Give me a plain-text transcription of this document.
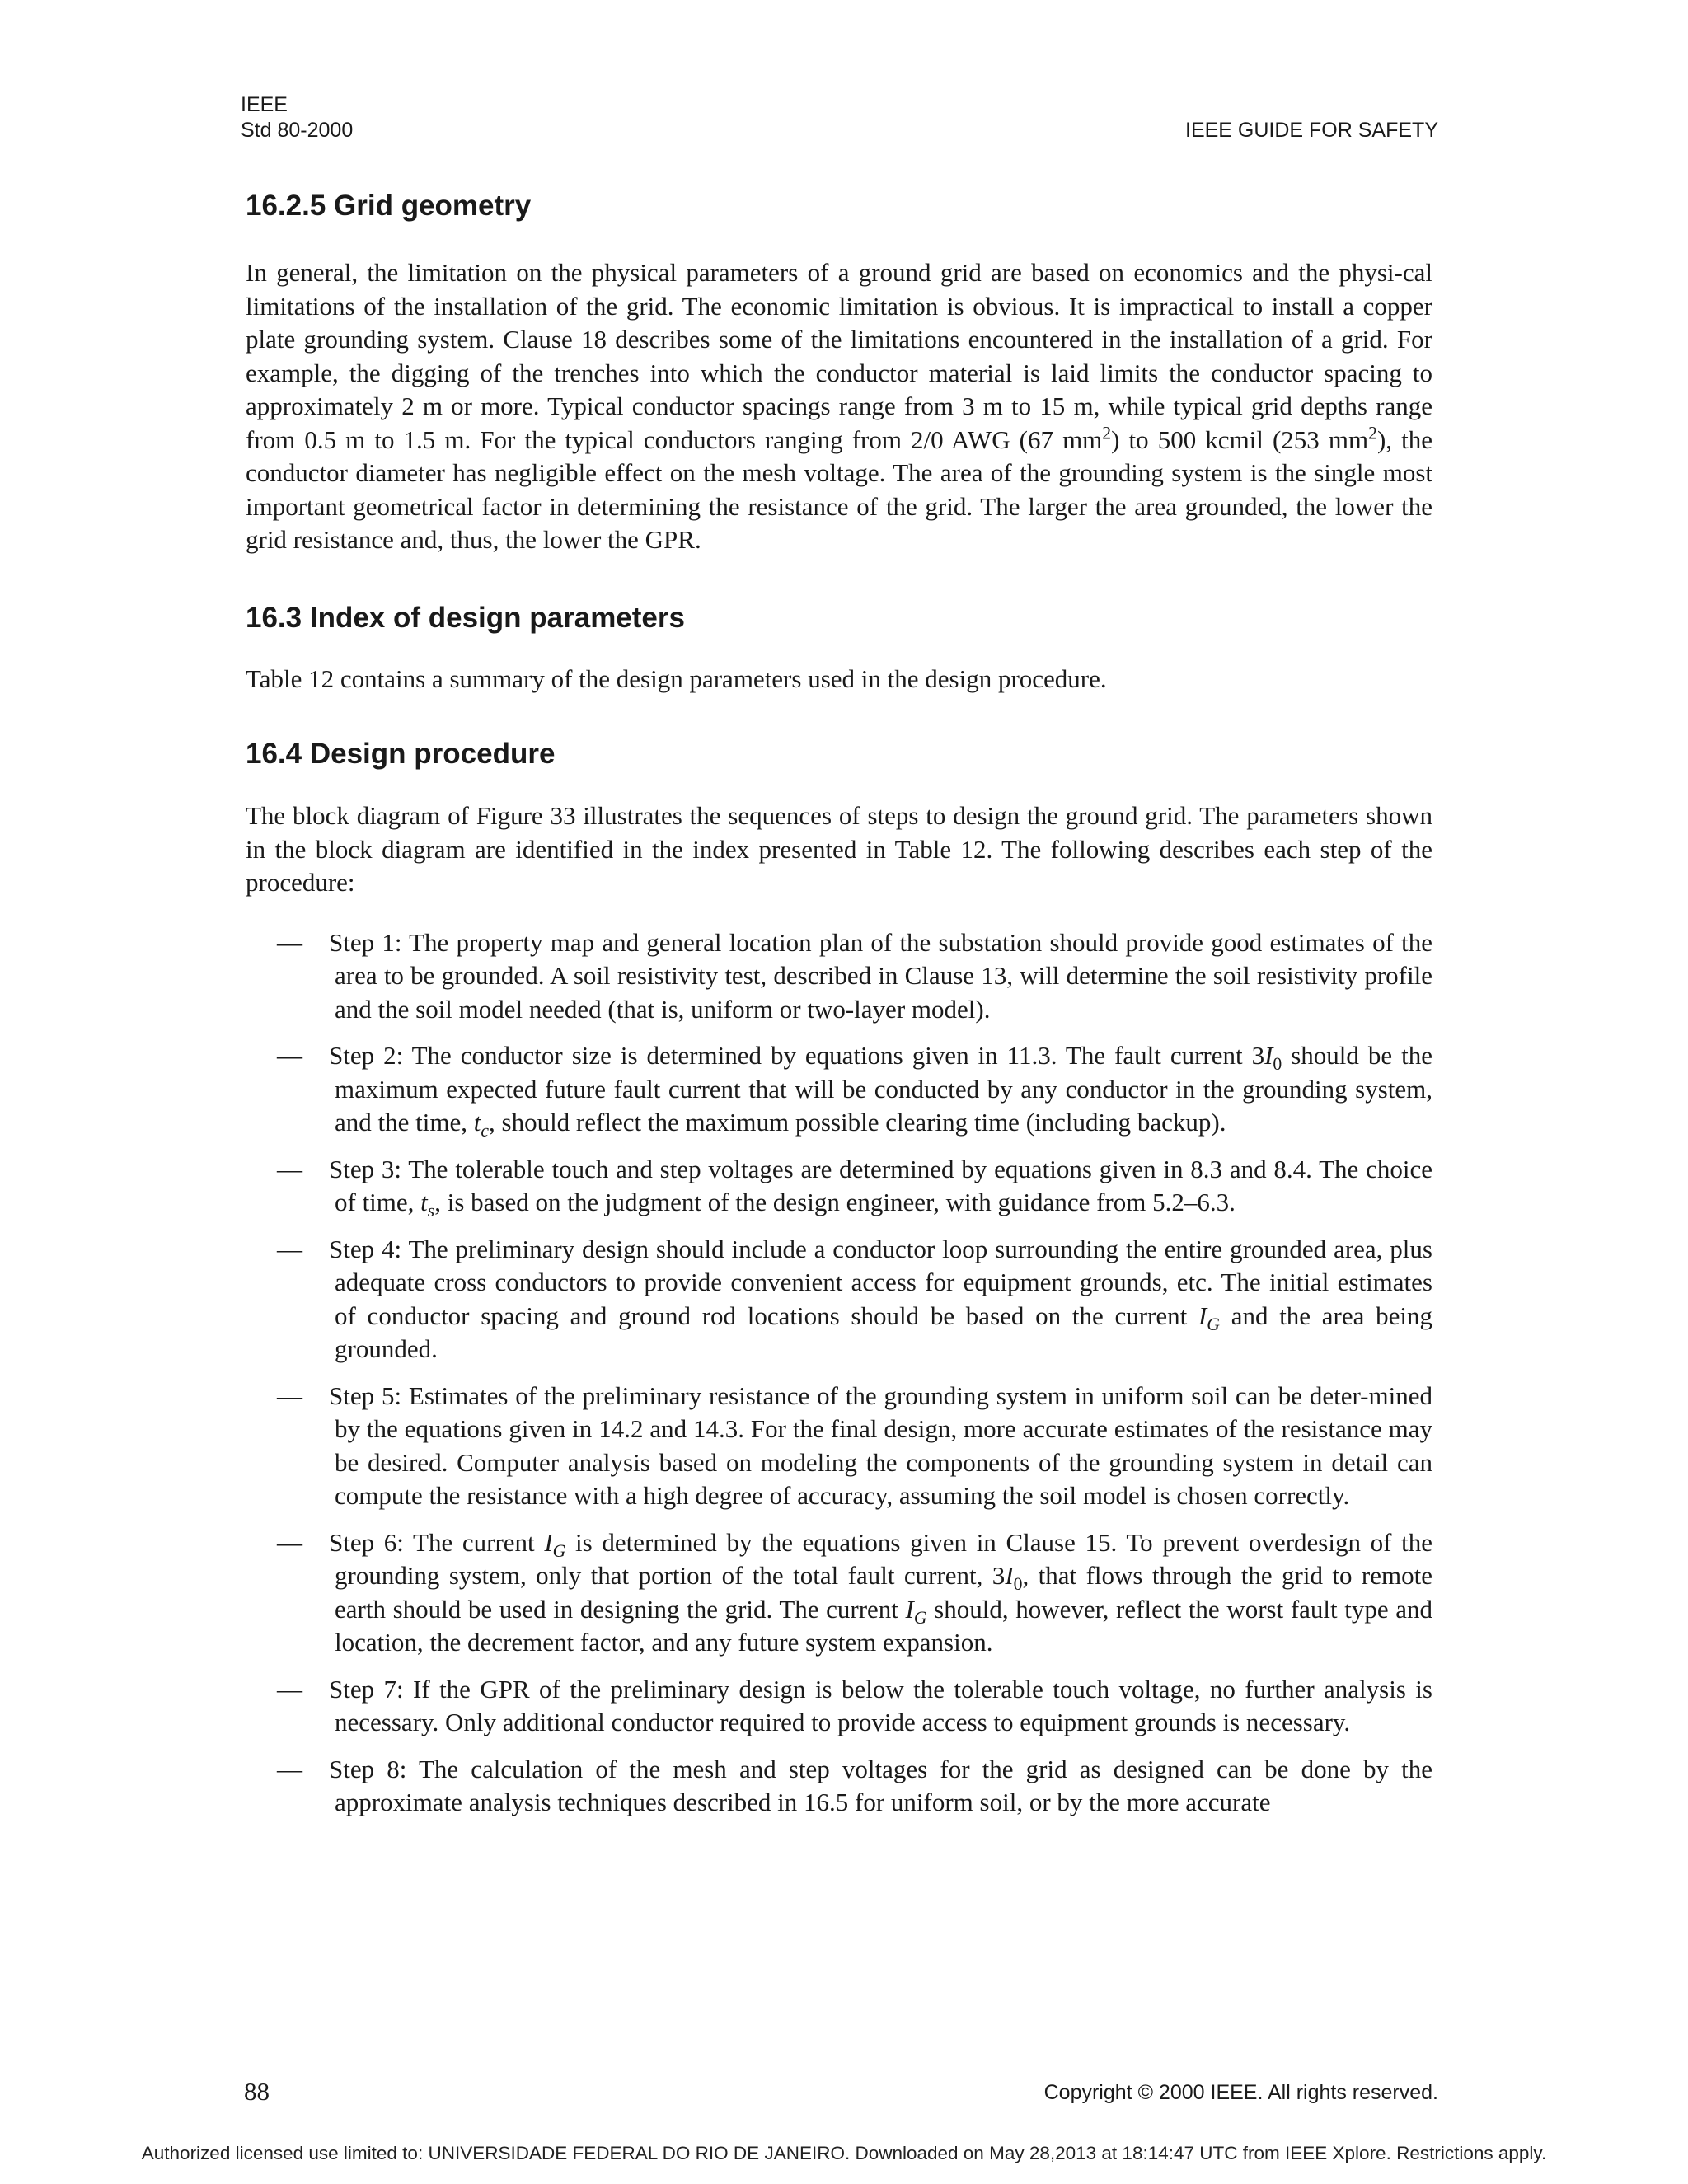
IEEE
Std 80-2000	IEEE GUIDE FOR SAFETY
16.2.5 Grid geometry

In general, the limitation on the physical parameters of a ground grid are based on economics and the physi-cal limitations of the installation of the grid. The economic limitation is obvious. It is impractical to install a copper plate grounding system. Clause 18 describes some of the limitations encountered in the installation of a grid. For example, the digging of the trenches into which the conductor material is laid limits the conductor spacing to approximately 2 m or more. Typical conductor spacings range from 3 m to 15 m, while typical grid depths range from 0.5 m to 1.5 m. For the typical conductors ranging from 2/0 AWG (67 $mm^2$) to 500 kcmil (253 $mm^2$), the conductor diameter has negligible effect on the mesh voltage. The area of the grounding system is the single most important geometrical factor in determining the resistance of the grid. The larger the area grounded, the lower the grid resistance and, thus, the lower the GPR.

16.3 Index of design parameters

Table 12 contains a summary of the design parameters used in the design procedure.

16.4 Design procedure

The block diagram of Figure 33 illustrates the sequences of steps to design the ground grid. The parameters shown in the block diagram are identified in the index presented in Table 12. The following describes each step of the procedure:

— Step 1: The property map and general location plan of the substation should provide good estimates of the area to be grounded. A soil resistivity test, described in Clause 13, will determine the soil resistivity profile and the soil model needed (that is, uniform or two-layer model).
— Step 2: The conductor size is determined by equations given in 11.3. The fault current $3I_0$ should be the maximum expected future fault current that will be conducted by any conductor in the grounding system, and the time, $t_c$, should reflect the maximum possible clearing time (including backup).
— Step 3: The tolerable touch and step voltages are determined by equations given in 8.3 and 8.4. The choice of time, $t_s$, is based on the judgment of the design engineer, with guidance from 5.2–6.3.
— Step 4: The preliminary design should include a conductor loop surrounding the entire grounded area, plus adequate cross conductors to provide convenient access for equipment grounds, etc. The initial estimates of conductor spacing and ground rod locations should be based on the current $I_G$ and the area being grounded.
— Step 5: Estimates of the preliminary resistance of the grounding system in uniform soil can be deter-mined by the equations given in 14.2 and 14.3. For the final design, more accurate estimates of the resistance may be desired. Computer analysis based on modeling the components of the grounding system in detail can compute the resistance with a high degree of accuracy, assuming the soil model is chosen correctly.
— Step 6: The current $I_G$ is determined by the equations given in Clause 15. To prevent overdesign of the grounding system, only that portion of the total fault current, $3I_0$, that flows through the grid to remote earth should be used in designing the grid. The current $I_G$ should, however, reflect the worst fault type and location, the decrement factor, and any future system expansion.
— Step 7: If the GPR of the preliminary design is below the tolerable touch voltage, no further analysis is necessary. Only additional conductor required to provide access to equipment grounds is necessary.
— Step 8: The calculation of the mesh and step voltages for the grid as designed can be done by the approximate analysis techniques described in 16.5 for uniform soil, or by the more accurate
88	Copyright © 2000 IEEE. All rights reserved.
Authorized licensed use limited to: UNIVERSIDADE FEDERAL DO RIO DE JANEIRO. Downloaded on May 28,2013 at 18:14:47 UTC from IEEE Xplore. Restrictions apply.
